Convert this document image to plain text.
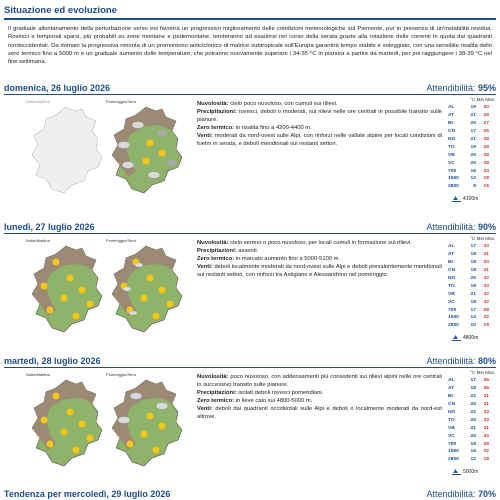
Situazione ed evoluzione
Il graduale allontanamento della perturbazione verso est favorirà un progressivo miglioramento delle condizioni meteorologiche sul Piemonte, pur in presenza di un'instabilità residua. Rovesci e temporali sparsi, più probabili su zone montane e pedemontane, tenderanno ad esaurirsi nel corso della serata grazie alla rotazione delle correnti in quota dai quadranti nordoccidentali. Da domani la progressiva rimonta di un promontorio anticiclonico di matrice subtropicale sull'Europa garantirà tempo stabile e soleggiato, con una sensibile risalita dello zero termico fino a 5000 m e un graduale aumento delle temperature, che potranno nuovamente superare i 34-35 °C in pianura a partire da martedì, per poi raggiungere i 38-39 °C nel fine settimana.
domenica, 26 luglio 2026	Attendibilità: 95%
Notte/Mattina	Pomeriggio/Sera	Nuvolosità: cielo poco nuvoloso, con cumuli sui rilievi.

Precipitazioni: rovesci, deboli o moderati, sui rilievi nelle ore centrali in possibile transito sulle pianure.

Zero termico: in risalita fino a 4200-4400 m.

Venti: moderati da nord-ovest sulle Alpi, con rinforzi nelle vallate alpine per locali condizioni di foehn in serata, e deboli meridionali sui restanti settori.

°C Min Max
AL	19	30
AT	21	29
BI	20	27
CN	17	26
NO	21	28
TO	19	29
VB	20	28
VC	20	28
700	16	24
1500	12	18
2800	9	15
4100m
lunedì, 27 luglio 2026	Attendibilità: 90%
Notte/Mattina	Pomeriggio/Sera	Nuvolosità: cielo sereno o poco nuvoloso, per locali cumuli in formazione sui rilievi.

Precipitazioni: assenti.

Zero termico: in marcato aumento fino a 5000-5100 m.

Venti: deboli localmente moderati da nord-ovest sulle Alpi e deboli prevalentemente meridionali sui restanti settori, con rinforzi tra Astigiano e Alessandrino nel pomeriggio.

°C Min Max
AL	17	33
AT	18	31
BI	18	30
CN	18	31
NO	20	32
TO	19	33
VB	21	32
VC	18	32
700	17	28
1500	14	22
2800	10	19
4800m
martedì, 28 luglio 2026	Attendibilità: 80%
Notte/Mattina	Pomeriggio/Sera	Nuvolosità: poco nuvoloso, con addensamenti più consistenti sui rilievi alpini nelle ore centrali in successivo transito sulle pianure.

Precipitazioni: isolati deboli rovesci pomeridiani.

Zero termico: in lieve calo sui 4800-5000 m.

Venti: deboli dai quadranti occidentali sulle Alpi e deboli o localmente moderati da nord-est altrove.

°C Min Max
AL	17	35
AT	18	35
BI	22	31
CN	20	31
NO	22	33
TO	20	33
VB	21	31
VC	20	34
700	19	29
1500	15	22
2800	12	18
5000m
Tendenza per mercoledì, 29 luglio 2026	Attendibilità: 70%
